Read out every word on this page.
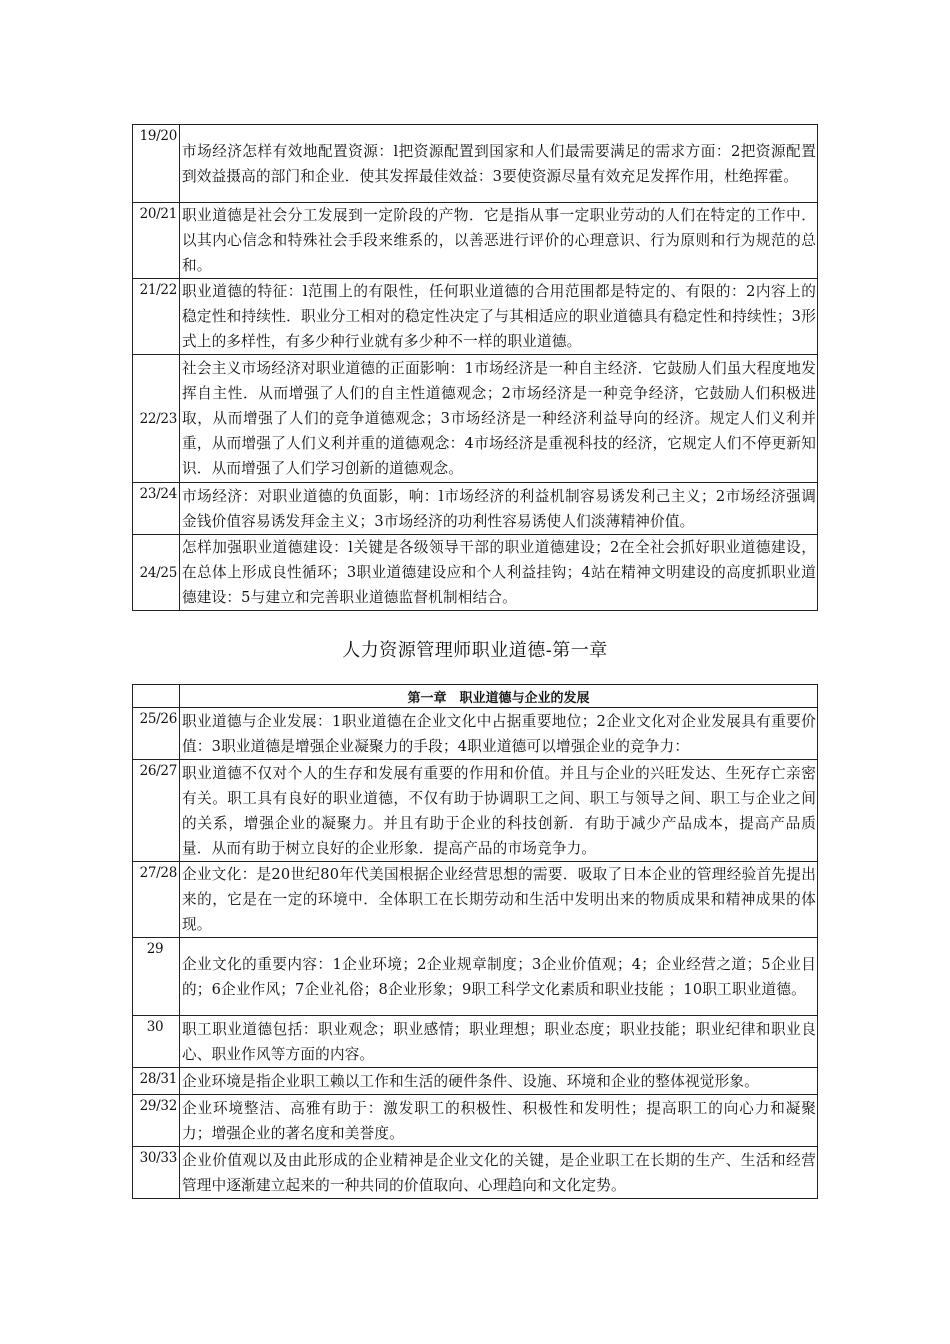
19/20	市场经济怎样有效地配置资源：l把资源配置到国家和人们最需要满足的需求方面：2把资源配置到效益摄高的部门和企业．使其发挥最佳效益：3要使资源尽量有效充足发挥作用，杜绝挥霍。
20/21	职业道德是社会分工发展到一定阶段的产物．它是指从事一定职业劳动的人们在特定的工作中．以其内心信念和特殊社会手段来维系的，以善恶进行评价的心理意识、行为原则和行为规范的总和。
21/22	职业道德的特征：l范围上的有限性，任何职业道德的合用范围都是特定的、有限的：2内容上的稳定性和持续性．职业分工相对的稳定性决定了与其相适应的职业道德具有稳定性和持续性；3形式上的多样性，有多少种行业就有多少种不一样的职业道德。
22/23	社会主义市场经济对职业道德的正面影响：1市场经济是一种自主经济．它鼓励人们虽大程度地发挥自主性．从而增强了人们的自主性道德观念；2市场经济是一种竞争经济，它鼓励人们积极进取，从而增强了人们的竞争道德观念；3市场经济是一种经济利益导向的经济。规定人们义利并重，从而增强了人们义利并重的道德观念：4市场经济是重视科技的经济，它规定人们不停更新知识．从而增强了人们学习创新的道德观念。
23/24	市场经济：对职业道德的负面影，响：l市场经济的利益机制容易诱发利己主义；2市场经济强调金钱价值容易诱发拜金主义；3市场经济的功利性容易诱使人们淡薄精神价值。
24/25	怎样加强职业道德建设：l关键是各级领导干部的职业道德建设；2在全社会抓好职业道德建设，在总体上形成良性循环；3职业道德建设应和个人利益挂钩；4站在精神文明建设的高度抓职业道德建设：5与建立和完善职业道德监督机制相结合。
人力资源管理师职业道德-第一章
	第一章　职业道德与企业的发展
25/26	职业道德与企业发展：1职业道德在企业文化中占据重要地位；2企业文化对企业发展具有重要价值：3职业道德是增强企业凝聚力的手段；4职业道德可以增强企业的竞争力：
26/27	职业道德不仅对个人的生存和发展有重要的作用和价值。并且与企业的兴旺发达、生死存亡亲密有关。职工具有良好的职业道德，不仅有助于协调职工之间、职工与领导之间、职工与企业之间的关系，增强企业的凝聚力。并且有助于企业的科技创新．有助于减少产品成本，提高产品质量．从而有助于树立良好的企业形象．提高产品的市场竞争力。
27/28	企业文化：是20世纪80年代美国根据企业经营思想的需要．吸取了日本企业的管理经验首先提出来的，它是在一定的环境中．全体职工在长期劳动和生活中发明出来的物质成果和精神成果的体现。
29	企业文化的重要内容：1企业环境；2企业规章制度；3企业价值观；4；企业经营之道；5企业目的；6企业作风；7企业礼俗；8企业形象；9职工科学文化素质和职业技能 ；10职工职业道德。
30	职工职业道德包括：职业观念；职业感情；职业理想；职业态度；职业技能；职业纪律和职业良心、职业作风等方面的内容。
28/31	企业环境是指企业职工赖以工作和生活的硬件条件、设施、环境和企业的整体视觉形象。
29/32	企业环境整洁、高雅有助于：激发职工的积极性、积极性和发明性；提高职工的向心力和凝聚力；增强企业的著名度和美誉度。
30/33	企业价值观以及由此形成的企业精神是企业文化的关键，是企业职工在长期的生产、生活和经营管理中逐渐建立起来的一种共同的价值取向、心理趋向和文化定势。
